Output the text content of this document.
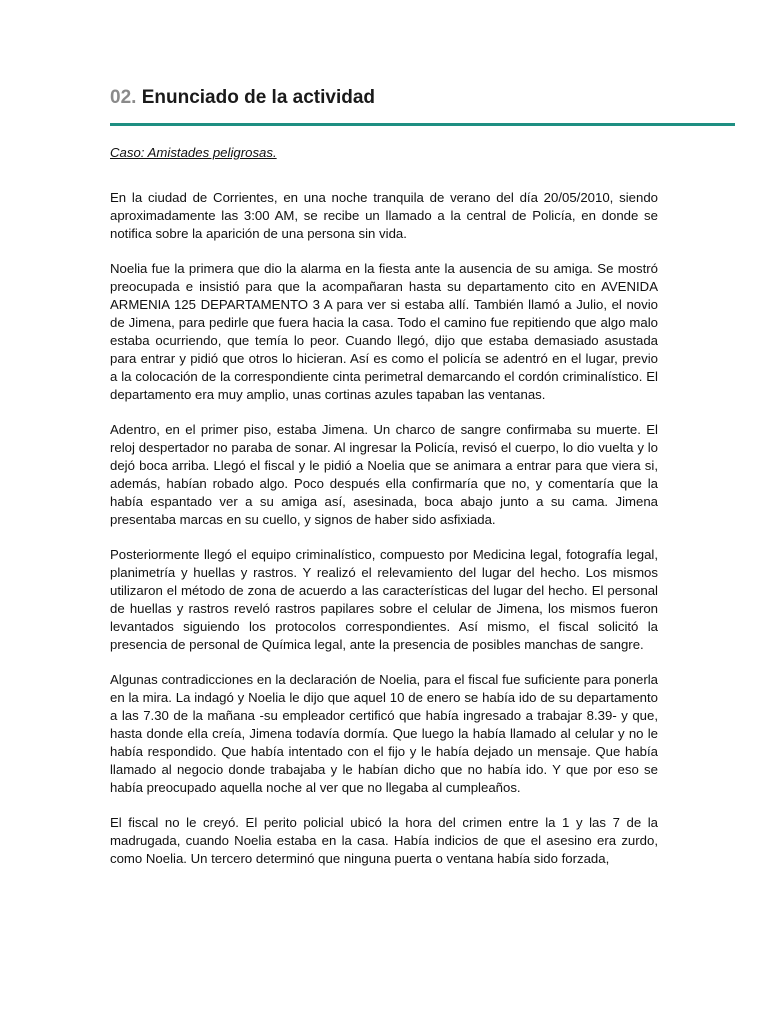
02. Enunciado de la actividad

Caso: Amistades peligrosas.

En la ciudad de Corrientes, en una noche tranquila de verano del día 20/05/2010, siendo aproximadamente las 3:00 AM, se recibe un llamado a la central de Policía, en donde se notifica sobre la aparición de una persona sin vida.

Noelia fue la primera que dio la alarma en la fiesta ante la ausencia de su amiga. Se mostró preocupada e insistió para que la acompañaran hasta su departamento cito en AVENIDA ARMENIA 125 DEPARTAMENTO 3 A para ver si estaba allí. También llamó a Julio, el novio de Jimena, para pedirle que fuera hacia la casa. Todo el camino fue repitiendo que algo malo estaba ocurriendo, que temía lo peor. Cuando llegó, dijo que estaba demasiado asustada para entrar y pidió que otros lo hicieran. Así es como el policía se adentró en el lugar, previo a la colocación de la correspondiente cinta perimetral demarcando el cordón criminalístico. El departamento era muy amplio, unas cortinas azules tapaban las ventanas.

Adentro, en el primer piso, estaba Jimena. Un charco de sangre confirmaba su muerte. El reloj despertador no paraba de sonar. Al ingresar la Policía, revisó el cuerpo, lo dio vuelta y lo dejó boca arriba. Llegó el fiscal y le pidió a Noelia que se animara a entrar para que viera si, además, habían robado algo. Poco después ella confirmaría que no, y comentaría que la había espantado ver a su amiga así, asesinada, boca abajo junto a su cama. Jimena presentaba marcas en su cuello, y signos de haber sido asfixiada.

Posteriormente llegó el equipo criminalístico, compuesto por Medicina legal, fotografía legal, planimetría y huellas y rastros. Y realizó el relevamiento del lugar del hecho. Los mismos utilizaron el método de zona de acuerdo a las características del lugar del hecho. El personal de huellas y rastros reveló rastros papilares sobre el celular de Jimena, los mismos fueron levantados siguiendo los protocolos correspondientes. Así mismo, el fiscal solicitó la presencia de personal de Química legal, ante la presencia de posibles manchas de sangre.

Algunas contradicciones en la declaración de Noelia, para el fiscal fue suficiente para ponerla en la mira. La indagó y Noelia le dijo que aquel 10 de enero se había ido de su departamento a las 7.30 de la mañana -su empleador certificó que había ingresado a trabajar 8.39- y que, hasta donde ella creía, Jimena todavía dormía. Que luego la había llamado al celular y no le había respondido. Que había intentado con el fijo y le había dejado un mensaje. Que había llamado al negocio donde trabajaba y le habían dicho que no había ido. Y que por eso se había preocupado aquella noche al ver que no llegaba al cumpleaños.

El fiscal no le creyó. El perito policial ubicó la hora del crimen entre la 1 y las 7 de la madrugada, cuando Noelia estaba en la casa. Había indicios de que el asesino era zurdo, como Noelia. Un tercero determinó que ninguna puerta o ventana había sido forzada,
